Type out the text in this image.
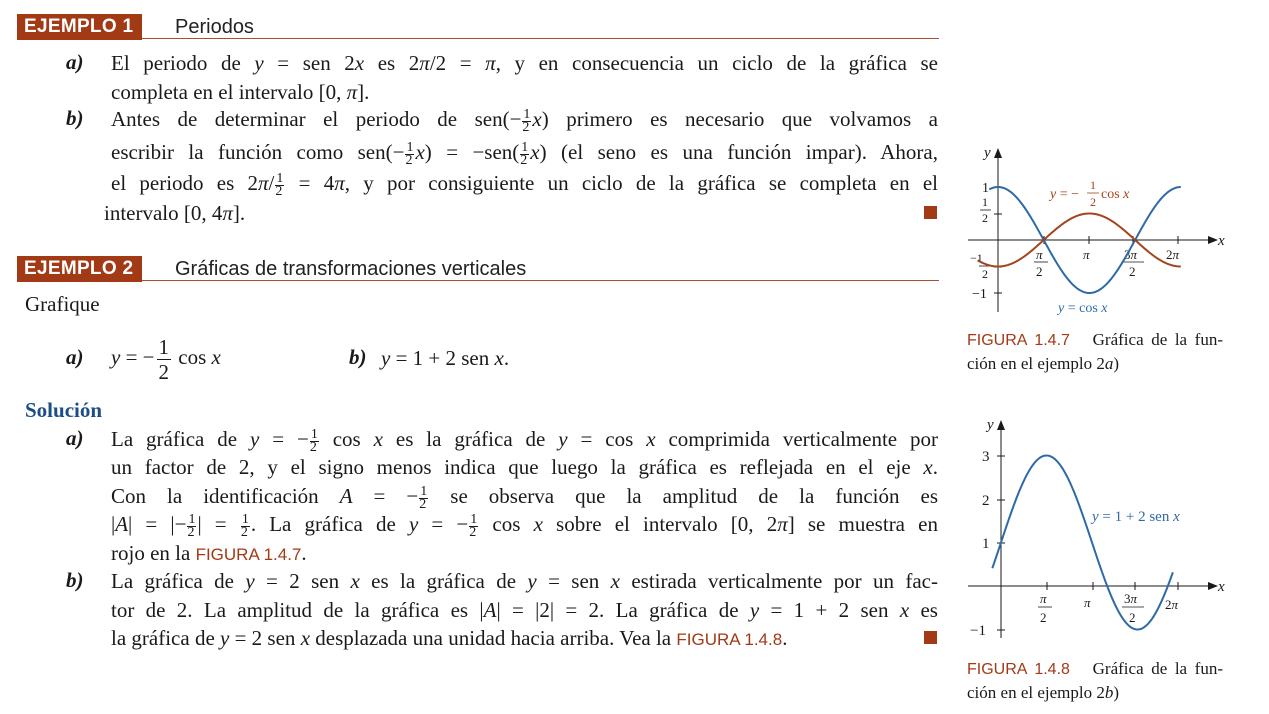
EJEMPLO 1	Periodos
a) El periodo de y = sen 2x es 2π/2 = π, y en consecuencia un ciclo de la gráfica se
completa en el intervalo [0, π].
b) Antes de determinar el periodo de $sen(- \frac{1}{2} x)$ primero es necesario que volvamos a
escribir la función como $sen(- \frac{1}{2} x) = -sen( \frac{1}{2} x)$ (el seno es una función impar). Ahora,
el periodo es $2\pi/ \frac{1}{2} = 4\pi$, y por consiguiente un ciclo de la gráfica se completa en el
intervalo [0, 4π].
EJEMPLO 2	Gráficas de transformaciones verticales
Grafique
a) y = − $\frac{1}{2}$ cos x	b) y = 1 + 2 sen x.
Solución
a) La gráfica de y = − $\frac{1}{2}$ cos x es la gráfica de y = cos x comprimida verticalmente por
un factor de 2, y el signo menos indica que luego la gráfica es reflejada en el eje x.
Con la identificación A = − $\frac{1}{2}$ se observa que la amplitud de la función es
|A| = |− $\frac{1}{2}$ | = $\frac{1}{2}$ . La gráfica de y = − $\frac{1}{2}$ cos x sobre el intervalo [0, 2π] se muestra en
rojo en la FIGURA 1.4.7.
b) La gráfica de y = 2 sen x es la gráfica de y = sen x estirada verticalmente por un fac-
tor de 2. La amplitud de la gráfica es |A| = |2| = 2. La gráfica de y = 1 + 2 sen x es
la gráfica de y = 2 sen x desplazada una unidad hacia arriba. Vea la FIGURA 1.4.8.
x
y
1
1
2
−1
2
−1
π
2
π	3π
2
2π
y = −
1
2 cos x
y = cos x
FIGURA 1.4.7 Gráfica de la fun-
ción en el ejemplo 2a)
x
y
3
2
1
−1
π
2
π	3π
2
2π
y = 1 + 2 sen x
FIGURA 1.4.8 Gráfica de la fun-
ción en el ejemplo 2b)
